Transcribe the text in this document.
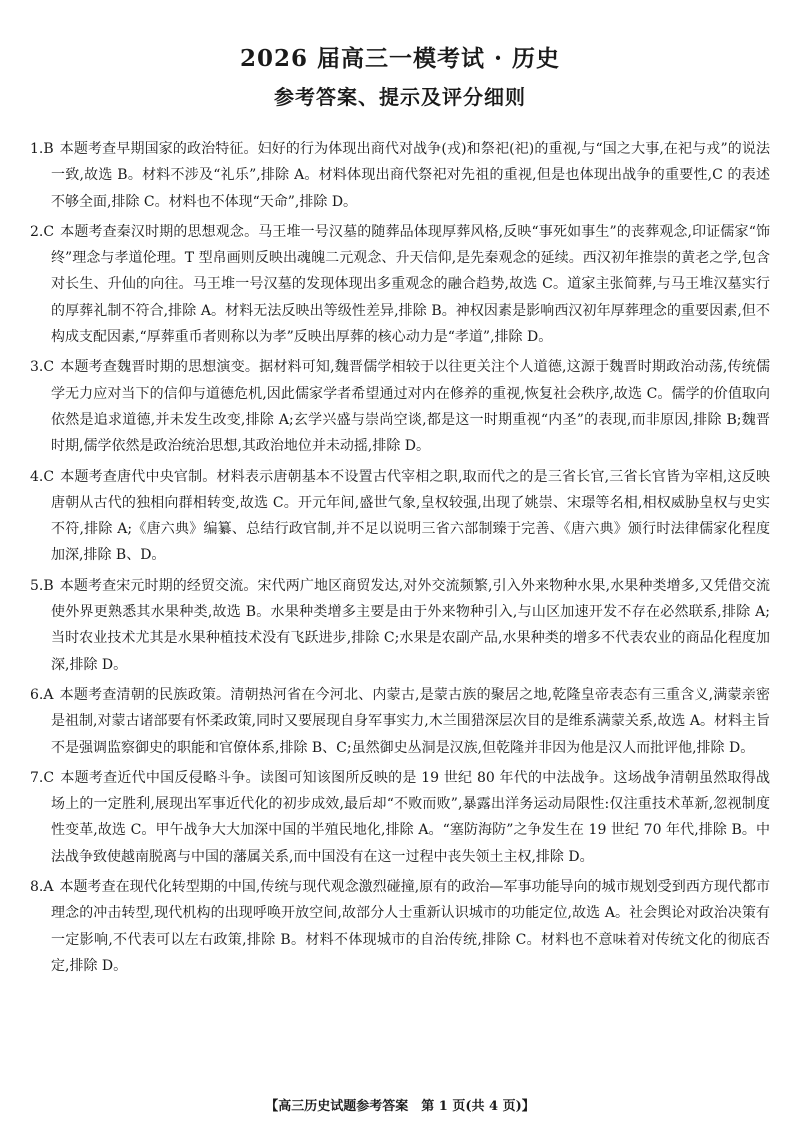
2026 届高三一模考试 · 历史
参考答案、提示及评分细则

1.B 本题考查早期国家的政治特征。妇好的行为体现出商代对战争(戎)和祭祀(祀)的重视,与“国之大事,在祀与戎”的说法一致,故选 B。材料不涉及“礼乐”,排除 A。材料体现出商代祭祀对先祖的重视,但是也体现出战争的重要性,C 的表述不够全面,排除 C。材料也不体现“天命”,排除 D。

2.C 本题考查秦汉时期的思想观念。马王堆一号汉墓的随葬品体现厚葬风格,反映“事死如事生”的丧葬观念,印证儒家“饰终”理念与孝道伦理。T 型帛画则反映出魂魄二元观念、升天信仰,是先秦观念的延续。西汉初年推崇的黄老之学,包含对长生、升仙的向往。马王堆一号汉墓的发现体现出多重观念的融合趋势,故选 C。道家主张简葬,与马王堆汉墓实行的厚葬礼制不符合,排除 A。材料无法反映出等级性差异,排除 B。神权因素是影响西汉初年厚葬理念的重要因素,但不构成支配因素,“厚葬重币者则称以为孝”反映出厚葬的核心动力是“孝道”,排除 D。

3.C 本题考查魏晋时期的思想演变。据材料可知,魏晋儒学相较于以往更关注个人道德,这源于魏晋时期政治动荡,传统儒学无力应对当下的信仰与道德危机,因此儒家学者希望通过对内在修养的重视,恢复社会秩序,故选 C。儒学的价值取向依然是追求道德,并未发生改变,排除 A;玄学兴盛与崇尚空谈,都是这一时期重视“内圣”的表现,而非原因,排除 B;魏晋时期,儒学依然是政治统治思想,其政治地位并未动摇,排除 D。

4.C 本题考查唐代中央官制。材料表示唐朝基本不设置古代宰相之职,取而代之的是三省长官,三省长官皆为宰相,这反映唐朝从古代的独相向群相转变,故选 C。开元年间,盛世气象,皇权较强,出现了姚崇、宋璟等名相,相权威胁皇权与史实不符,排除 A;《唐六典》编纂、总结行政官制,并不足以说明三省六部制臻于完善、《唐六典》颁行时法律儒家化程度加深,排除 B、D。

5.B 本题考查宋元时期的经贸交流。宋代两广地区商贸发达,对外交流频繁,引入外来物种水果,水果种类增多,又凭借交流使外界更熟悉其水果种类,故选 B。水果种类增多主要是由于外来物种引入,与山区加速开发不存在必然联系,排除 A;当时农业技术尤其是水果种植技术没有飞跃进步,排除 C;水果是农副产品,水果种类的增多不代表农业的商品化程度加深,排除 D。

6.A 本题考查清朝的民族政策。清朝热河省在今河北、内蒙古,是蒙古族的聚居之地,乾隆皇帝表态有三重含义,满蒙亲密是祖制,对蒙古诸部要有怀柔政策,同时又要展现自身军事实力,木兰围猎深层次目的是维系满蒙关系,故选 A。材料主旨不是强调监察御史的职能和官僚体系,排除 B、C;虽然御史丛洞是汉族,但乾隆并非因为他是汉人而批评他,排除 D。

7.C 本题考查近代中国反侵略斗争。读图可知该图所反映的是 19 世纪 80 年代的中法战争。这场战争清朝虽然取得战场上的一定胜利,展现出军事近代化的初步成效,最后却“不败而败”,暴露出洋务运动局限性:仅注重技术革新,忽视制度性变革,故选 C。甲午战争大大加深中国的半殖民地化,排除 A。“塞防海防”之争发生在 19 世纪 70 年代,排除 B。中法战争致使越南脱离与中国的藩属关系,而中国没有在这一过程中丧失领土主权,排除 D。

8.A 本题考查在现代化转型期的中国,传统与现代观念激烈碰撞,原有的政治—军事功能导向的城市规划受到西方现代都市理念的冲击转型,现代机构的出现呼唤开放空间,故部分人士重新认识城市的功能定位,故选 A。社会舆论对政治决策有一定影响,不代表可以左右政策,排除 B。材料不体现城市的自治传统,排除 C。材料也不意味着对传统文化的彻底否定,排除 D。

【高三历史试题参考答案　第 1 页(共 4 页)】
